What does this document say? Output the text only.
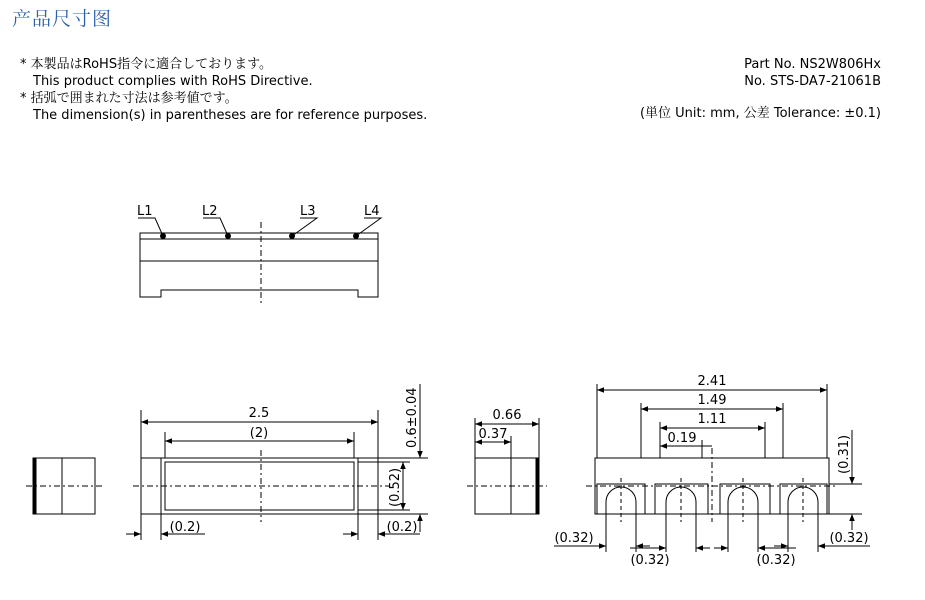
产品尺寸图
* 本製品はRoHS指令に適合しております。
This product complies with RoHS Directive.
* 括弧で囲まれた寸法は参考値です。
The dimension(s) in parentheses are for reference purposes.
Part No. NS2W806Hx
No. STS-DA7-21061B
(単位 Unit: mm, 公差 Tolerance: ±0.1)
L1	L2	L3	L4
2.5
(2)
(0.2)	(0.2)
0.6±0.04
(0.52)
0.66
0.37
2.41
1.49
1.11
0.19	(0.31)
(0.32)
(0.32)	(0.32)
(0.32)
